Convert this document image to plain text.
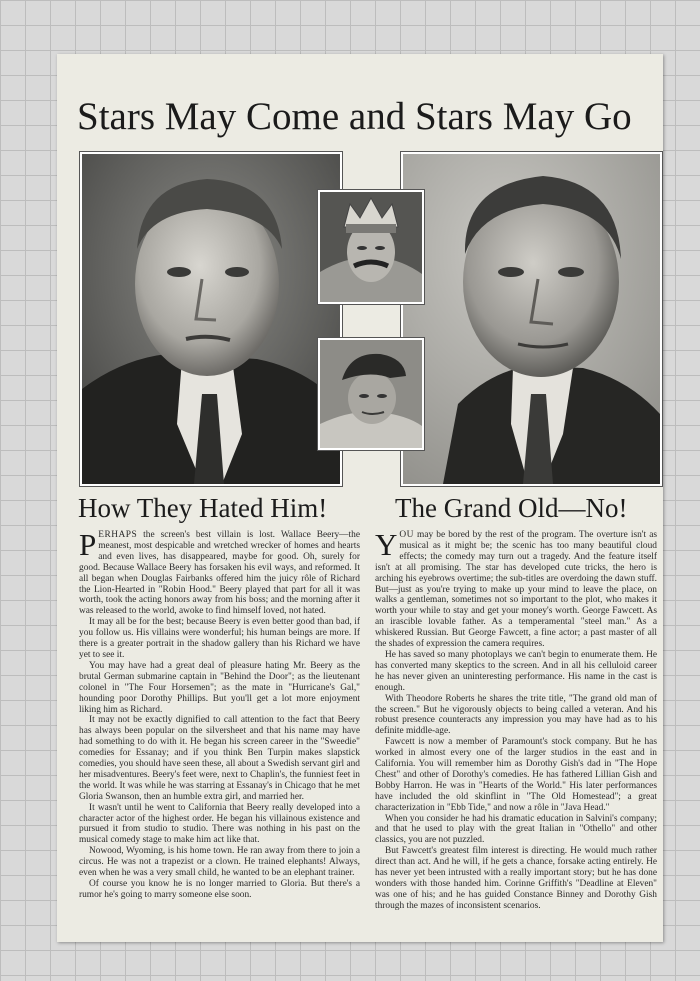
Stars May Come and Stars May Go
How They Hated Him!	The Grand Old—No!

PERHAPS the screen's best villain is lost. Wallace Beery—the meanest, most despicable and wretched wrecker of homes and hearts and even lives, has disappeared, maybe for good. Oh, surely for good. Because Wallace Beery has forsaken his evil ways, and reformed. It all began when Douglas Fairbanks offered him the juicy rôle of Richard the Lion-Hearted in "Robin Hood." Beery played that part for all it was worth, took the acting honors away from his boss; and the morning after it was released to the world, awoke to find himself loved, not hated.

It may all be for the best; because Beery is even better good than bad, if you follow us. His villains were wonderful; his human beings are more. If there is a greater portrait in the shadow gallery than his Richard we have yet to see it.

You may have had a great deal of pleasure hating Mr. Beery as the brutal German submarine captain in "Behind the Door"; as the lieutenant colonel in "The Four Horsemen"; as the mate in "Hurricane's Gal," hounding poor Dorothy Phillips. But you'll get a lot more enjoyment liking him as Richard.

It may not be exactly dignified to call attention to the fact that Beery has always been popular on the silversheet and that his name may have had something to do with it. He began his screen career in the "Sweedie" comedies for Essanay; and if you think Ben Turpin makes slapstick comedies, you should have seen these, all about a Swedish servant girl and her misadventures. Beery's feet were, next to Chaplin's, the funniest feet in the world. It was while he was starring at Essanay's in Chicago that he met Gloria Swanson, then an humble extra girl, and married her.

It wasn't until he went to California that Beery really developed into a character actor of the highest order. He began his villainous existence and pursued it from studio to studio. There was nothing in his past on the musical comedy stage to make him act like that.

Nowood, Wyoming, is his home town. He ran away from there to join a circus. He was not a trapezist or a clown. He trained elephants! Always, even when he was a very small child, he wanted to be an elephant trainer.

Of course you know he is no longer married to Gloria. But there's a rumor he's going to marry someone else soon.

YOU may be bored by the rest of the program. The overture isn't as musical as it might be; the scenic has too many beautiful cloud effects; the comedy may turn out a tragedy. And the feature itself isn't at all promising. The star has developed cute tricks, the hero is arching his eyebrows overtime; the sub-titles are overdoing the dawn stuff. But—just as you're trying to make up your mind to leave the place, on walks a gentleman, sometimes not so important to the plot, who makes it worth your while to stay and get your money's worth. George Fawcett. As an irascible lovable father. As a temperamental "steel man." As a whiskered Russian. But George Fawcett, a fine actor; a past master of all the shades of expression the camera requires.

He has saved so many photoplays we can't begin to enumerate them. He has converted many skeptics to the screen. And in all his celluloid career he has never given an uninteresting performance. His name in the cast is enough.

With Theodore Roberts he shares the trite title, "The grand old man of the screen." But he vigorously objects to being called a veteran. And his robust presence counteracts any impression you may have had as to his definite middle-age.

Fawcett is now a member of Paramount's stock company. But he has worked in almost every one of the larger studios in the east and in California. You will remember him as Dorothy Gish's dad in "The Hope Chest" and other of Dorothy's comedies. He has fathered Lillian Gish and Bobby Harron. He was in "Hearts of the World." His later performances have included the old skinflint in "The Old Homestead"; a great characterization in "Ebb Tide," and now a rôle in "Java Head."

When you consider he had his dramatic education in Salvini's company; and that he used to play with the great Italian in "Othello" and other classics, you are not puzzled.

But Fawcett's greatest film interest is directing. He would much rather direct than act. And he will, if he gets a chance, forsake acting entirely. He has never yet been intrusted with a really important story; but he has done wonders with those handed him. Corinne Griffith's "Deadline at Eleven" was one of his; and he has guided Constance Binney and Dorothy Gish through the mazes of inconsistent scenarios.
